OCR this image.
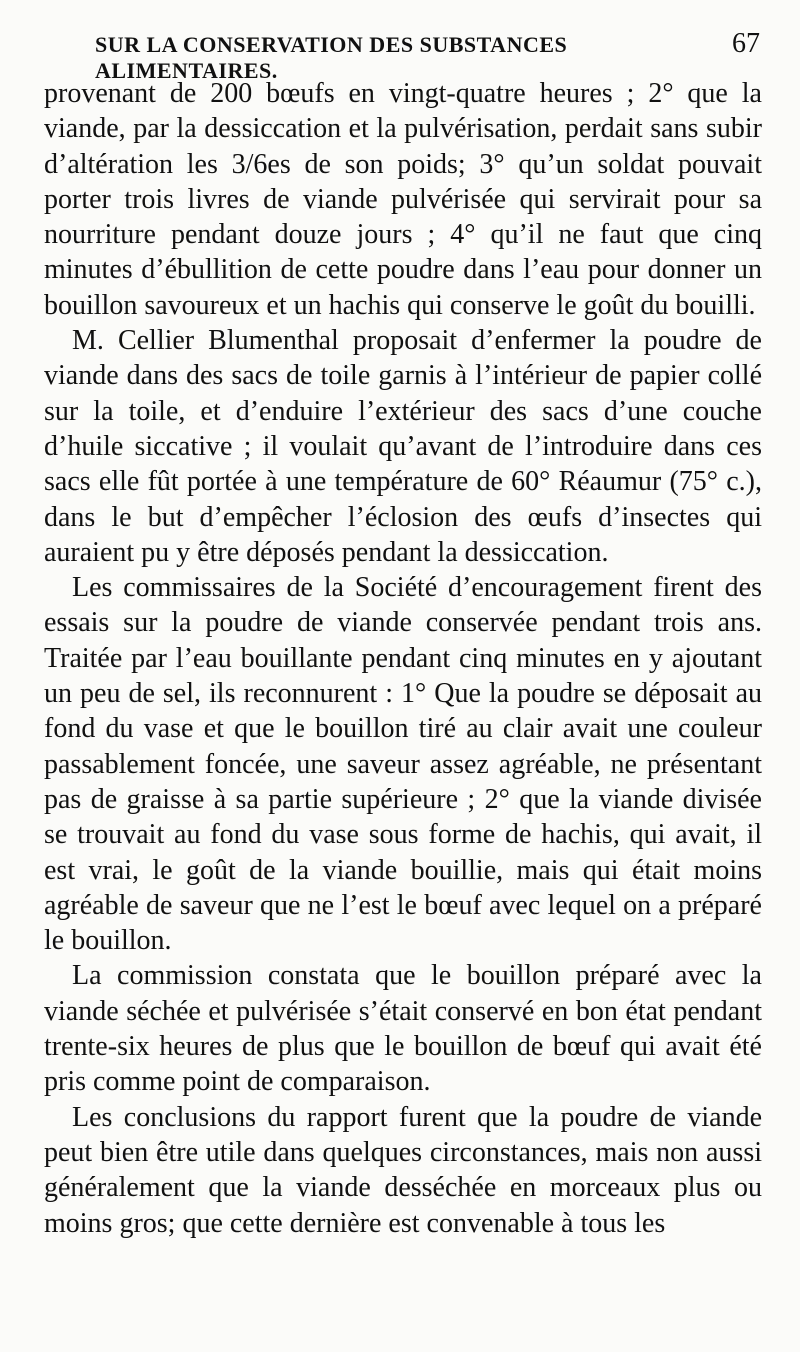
SUR LA CONSERVATION DES SUBSTANCES ALIMENTAIRES.
67

provenant de 200 bœufs en vingt-quatre heures ; 2° que la viande, par la dessiccation et la pulvérisation, perdait sans subir d’altération les 3/6es de son poids; 3° qu’un soldat pouvait porter trois livres de viande pulvérisée qui servirait pour sa nourriture pendant douze jours ; 4° qu’il ne faut que cinq minutes d’ébullition de cette poudre dans l’eau pour donner un bouillon savoureux et un hachis qui conserve le goût du bouilli.

M. Cellier Blumenthal proposait d’enfermer la poudre de viande dans des sacs de toile garnis à l’intérieur de papier collé sur la toile, et d’enduire l’extérieur des sacs d’une couche d’huile siccative ; il voulait qu’avant de l’introduire dans ces sacs elle fût portée à une température de 60° Réaumur (75° c.), dans le but d’empêcher l’éclosion des œufs d’insectes qui auraient pu y être déposés pendant la dessiccation.

Les commissaires de la Société d’encouragement firent des essais sur la poudre de viande conservée pendant trois ans. Traitée par l’eau bouillante pendant cinq minutes en y ajoutant un peu de sel, ils reconnurent : 1° Que la poudre se déposait au fond du vase et que le bouillon tiré au clair avait une couleur passablement foncée, une saveur assez agréable, ne présentant pas de graisse à sa partie supérieure ; 2° que la viande divisée se trouvait au fond du vase sous forme de hachis, qui avait, il est vrai, le goût de la viande bouillie, mais qui était moins agréable de saveur que ne l’est le bœuf avec lequel on a préparé le bouillon.

La commission constata que le bouillon préparé avec la viande séchée et pulvérisée s’était conservé en bon état pendant trente-six heures de plus que le bouillon de bœuf qui avait été pris comme point de comparaison.

Les conclusions du rapport furent que la poudre de viande peut bien être utile dans quelques circonstances, mais non aussi généralement que la viande desséchée en morceaux plus ou moins gros; que cette dernière est convenable à tous les
